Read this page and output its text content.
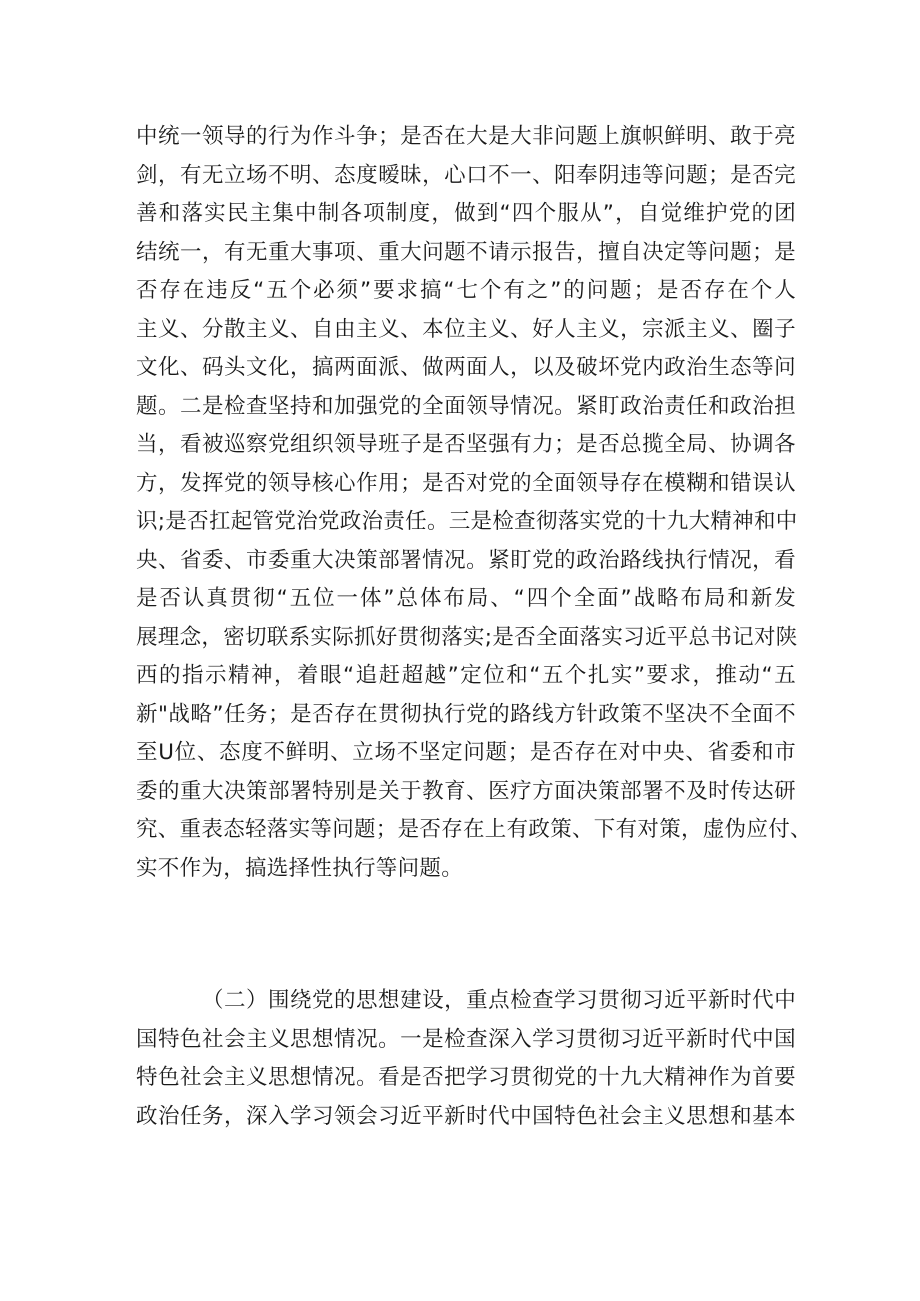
中统一领导的行为作斗争；是否在大是大非问题上旗帜鲜明、敢于亮
剑，有无立场不明、态度暧昧，心口不一、阳奉阴违等问题；是否完
善和落实民主集中制各项制度，做到“四个服从”，自觉维护党的团
结统一，有无重大事项、重大问题不请示报告，擅自决定等问题；是
否存在违反“五个必须”要求搞“七个有之”的问题；是否存在个人
主义、分散主义、自由主义、本位主义、好人主义，宗派主义、圈子
文化、码头文化，搞两面派、做两面人，以及破坏党内政治生态等问
题。二是检查坚持和加强党的全面领导情况。紧盯政治责任和政治担
当，看被巡察党组织领导班子是否坚强有力；是否总揽全局、协调各
方，发挥党的领导核心作用；是否对党的全面领导存在模糊和错误认
识;是否扛起管党治党政治责任。三是检查彻落实党的十九大精神和中
央、省委、市委重大决策部署情况。紧盯党的政治路线执行情况，看
是否认真贯彻“五位一体”总体布局、“四个全面”战略布局和新发
展理念，密切联系实际抓好贯彻落实;是否全面落实习近平总书记对陕
西的指示精神，着眼“追赶超越”定位和“五个扎实”要求，推动“五
新"战略”任务；是否存在贯彻执行党的路线方针政策不坚决不全面不
至U位、态度不鲜明、立场不坚定问题；是否存在对中央、省委和市
委的重大决策部署特别是关于教育、医疗方面决策部署不及时传达研
究、重表态轻落实等问题；是否存在上有政策、下有对策，虚伪应付、
实不作为，搞选择性执行等问题。
（二）围绕党的思想建设，重点检查学习贯彻习近平新时代中
国特色社会主义思想情况。一是检查深入学习贯彻习近平新时代中国
特色社会主义思想情况。看是否把学习贯彻党的十九大精神作为首要
政治任务，深入学习领会习近平新时代中国特色社会主义思想和基本
